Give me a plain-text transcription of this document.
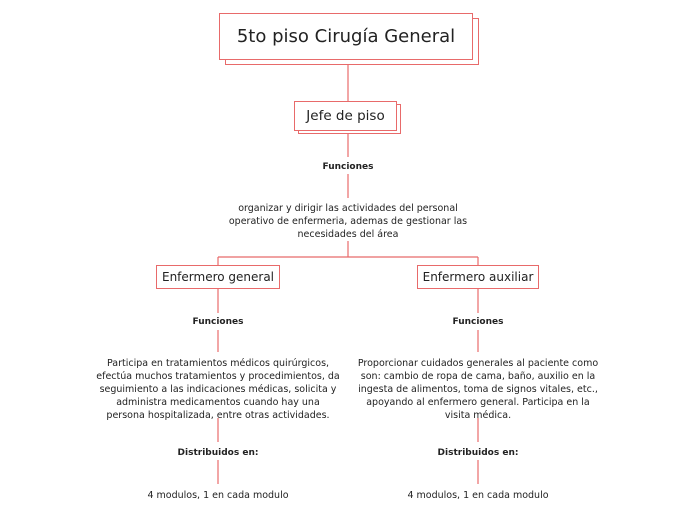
5to piso Cirugía General
Jefe de piso
Funciones
organizar y dirigir las actividades del personal operativo de enfermeria, ademas de gestionar las necesidades del área
Enfermero general
Funciones
Participa en tratamientos médicos quirúrgicos, efectúa muchos tratamientos y procedimientos, da seguimiento a las indicaciones médicas, solicita y administra medicamentos cuando hay una persona hospitalizada, entre otras actividades.
Distribuidos en:
4 modulos, 1 en cada modulo
Enfermero auxiliar
Funciones
Proporcionar cuidados generales al paciente como son: cambio de ropa de cama, baño, auxilio en la ingesta de alimentos, toma de signos vitales, etc., apoyando al enfermero general. Participa en la visita médica.
Distribuidos en:
4 modulos, 1 en cada modulo
